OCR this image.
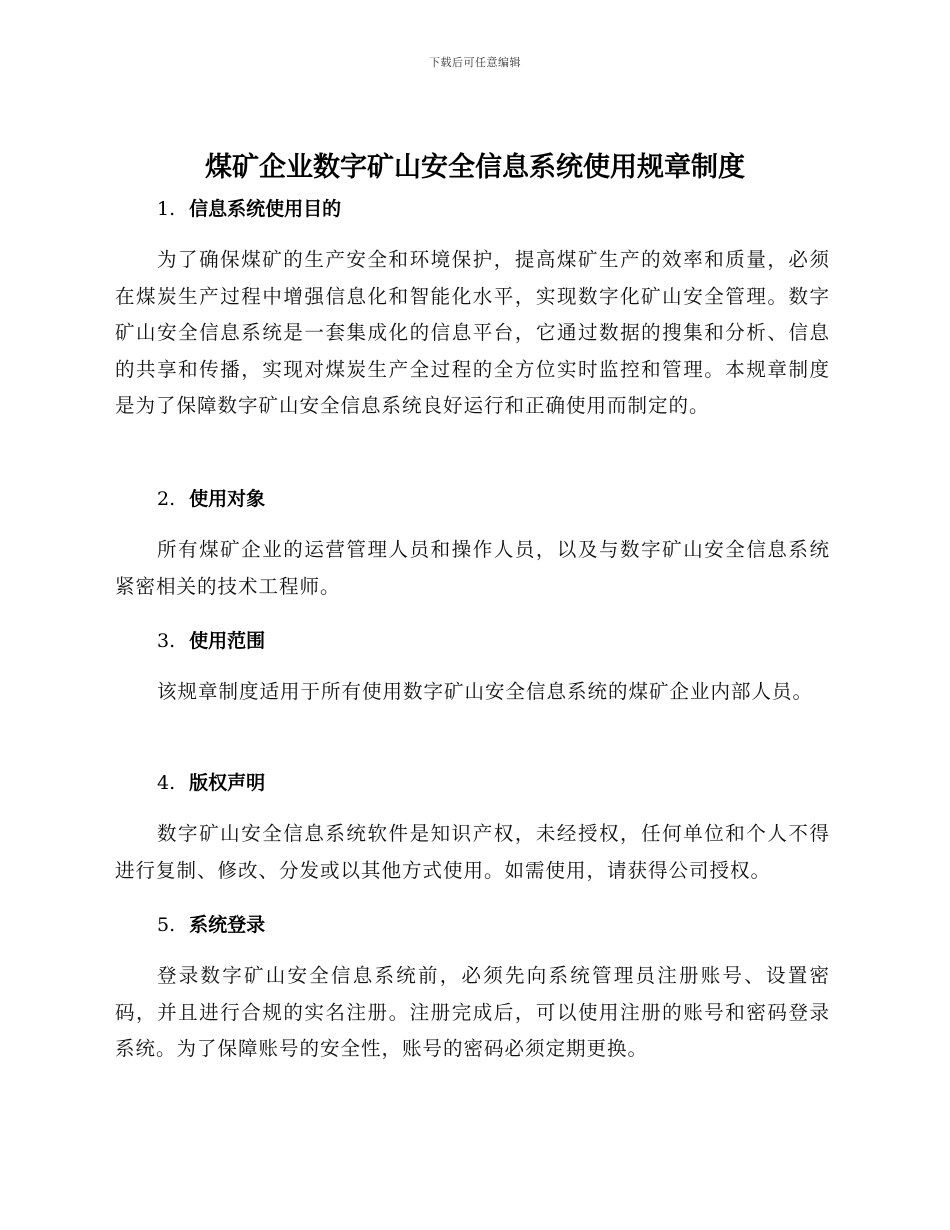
下载后可任意编辑
煤矿企业数字矿山安全信息系统使用规章制度
1. 信息系统使用目的

为了确保煤矿的生产安全和环境保护，提高煤矿生产的效率和质量，必须在煤炭生产过程中增强信息化和智能化水平，实现数字化矿山安全管理。数字矿山安全信息系统是一套集成化的信息平台，它通过数据的搜集和分析、信息的共享和传播，实现对煤炭生产全过程的全方位实时监控和管理。本规章制度是为了保障数字矿山安全信息系统良好运行和正确使用而制定的。

2. 使用对象

所有煤矿企业的运营管理人员和操作人员，以及与数字矿山安全信息系统紧密相关的技术工程师。

3. 使用范围

该规章制度适用于所有使用数字矿山安全信息系统的煤矿企业内部人员。

4. 版权声明

数字矿山安全信息系统软件是知识产权，未经授权，任何单位和个人不得进行复制、修改、分发或以其他方式使用。如需使用，请获得公司授权。

5. 系统登录

登录数字矿山安全信息系统前，必须先向系统管理员注册账号、设置密码，并且进行合规的实名注册。注册完成后，可以使用注册的账号和密码登录系统。为了保障账号的安全性，账号的密码必须定期更换。
